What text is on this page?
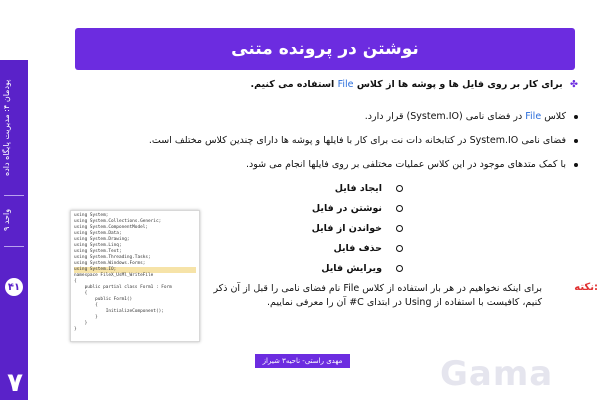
نوشتن در پرونده متنی
پودمان ۴: مدیریت پایگاه داده
واحد ۹
۴۱
۷
✤ برای کار بر روی فایل ها و پوشه ها از کلاس File استفاده می کنیم.
کلاس File در فضای نامی (System.IO) قرار دارد.
فضای نامی System.IO در کتابخانه دات نت برای کار با فایلها و پوشه ها دارای چندین کلاس مختلف است.
با کمک متدهای موجود در این کلاس عملیات مختلفی بر روی فایلها انجام می شود.
ایجاد فایل
نوشتن در فایل
خواندن از فایل
حذف فایل
ویرایش فایل
نکته:
برای اینکه نخواهیم در هر بار استفاده از کلاس File نام فضای نامی را قبل از آن ذکر
کنیم، کافیست با استفاده از Using در ابتدای C# آن را معرفی نماییم.
using System;
using System.Collections.Generic;
using System.ComponentModel;
using System.Data;
using System.Drawing;
using System.Linq;
using System.Text;
using System.Threading.Tasks;
using System.Windows.Forms;
using System.IO;
namespace FileX_UsMl_WriteFile
{
public partial class Form1 : Form
{
public Form1()
{
InitializeComponent();
}
}
}
مهدی راستی- ناحیه۳ شیراز	Gama
